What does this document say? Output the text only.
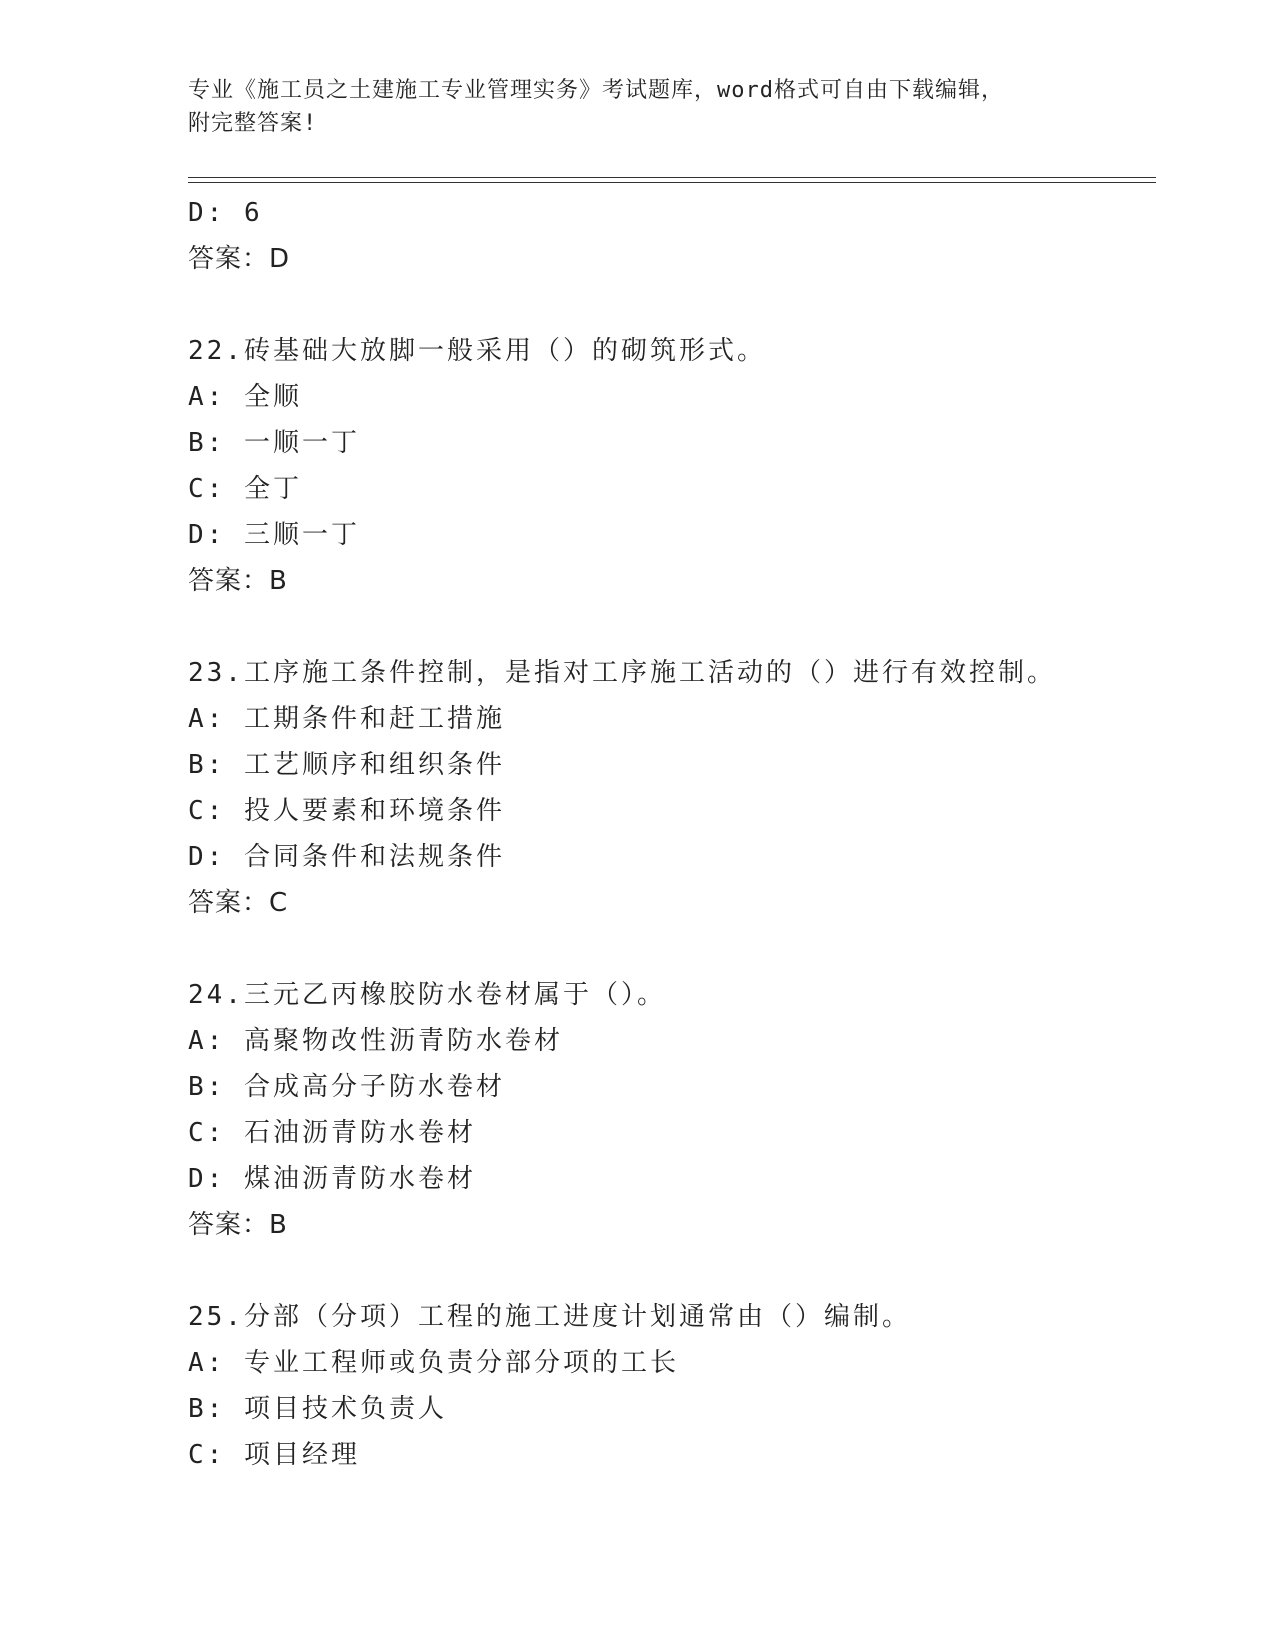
专业《施工员之土建施工专业管理实务》考试题库，word格式可自由下载编辑，
附完整答案!
D: 6
答案：D
22.砖基础大放脚一般采用（）的砌筑形式。
A: 全顺
B: 一顺一丁
C: 全丁
D: 三顺一丁
答案：B
23.工序施工条件控制，是指对工序施工活动的（）进行有效控制。
A: 工期条件和赶工措施
B: 工艺顺序和组织条件
C: 投人要素和环境条件
D: 合同条件和法规条件
答案：C
24.三元乙丙橡胶防水卷材属于（）。
A: 高聚物改性沥青防水卷材
B: 合成高分子防水卷材
C: 石油沥青防水卷材
D: 煤油沥青防水卷材
答案：B
25.分部（分项）工程的施工进度计划通常由（）编制。
A: 专业工程师或负责分部分项的工长
B: 项目技术负责人
C: 项目经理
